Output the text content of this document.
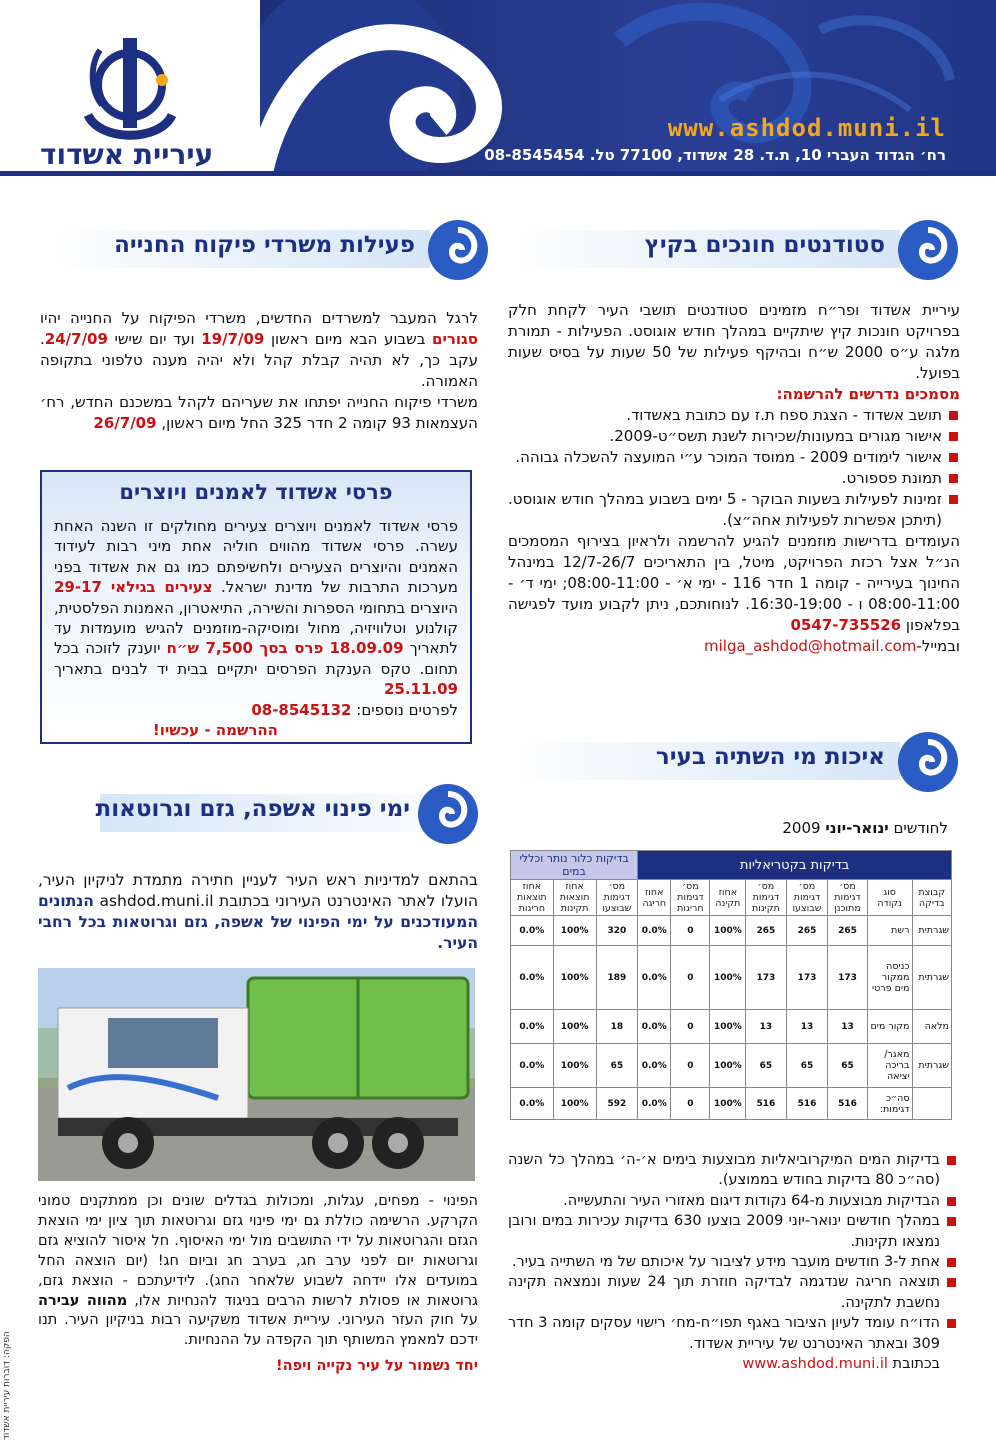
www.ashdod.muni.il
רח׳ הגדוד העברי 10, ת.ד. 28 אשדוד, 77100 טל. 08-8545454
עיריית אשדוד
סטודנטים חונכים בקיץ

עיריית אשדוד ופר״ח מזמינים סטודנטים תושבי העיר לקחת חלק בפרויקט חונכות קיץ שיתקיים במהלך חודש אוגוסט. הפעילות - תמורת מלגה ע״ס 2000 ש״ח ובהיקף פעילות של 50 שעות על בסיס שעות בפועל.

מסמכים נדרשים להרשמה:

תושב אשדוד - הצגת ספח ת.ז עם כתובת באשדוד.
אישור מגורים במעונות/שכירות לשנת תשס״ט-2009.
אישור לימודים 2009 - ממוסד המוכר ע״י המועצה להשכלה גבוהה.
תמונת פספורט.
זמינות לפעילות בשעות הבוקר - 5 ימים בשבוע במהלך חודש אוגוסט. (תיתכן אפשרות לפעילות אחה״צ).

העומדים בדרישות מוזמנים להגיע להרשמה ולראיון בצירוף המסמכים הנ״ל אצל רכזת הפרויקט, מיטל, בין התאריכים 12/7-26/7 במינהל החינוך בעירייה - קומה 1 חדר 116 - ימי א׳ - 08:00-11:00; ימי ד׳ - 08:00-11:00 ו - 16:30-19:00. לנוחותכם, ניתן לקבוע מועד לפגישה בפלאפון 0547-735526

ובמייל-milga_ashdod@hotmail.com

פעילות משרדי פיקוח החנייה

לרגל המעבר למשרדים החדשים, משרדי הפיקוח על החנייה יהיו סגורים בשבוע הבא מיום ראשון 19/7/09 ועד יום שישי 24/7/09. עקב כך, לא תהיה קבלת קהל ולא יהיה מענה טלפוני בתקופה האמורה.

משרדי פיקוח החנייה יפתחו את שעריהם לקהל במשכנם החדש, רח׳ העצמאות 93 קומה 2 חדר 325 החל מיום ראשון, 26/7/09

פרסי אשדוד לאמנים ויוצרים
פרסי אשדוד לאמנים ויוצרים צעירים מחולקים זו השנה האחת עשרה. פרסי אשדוד מהווים חוליה אחת מיני רבות לעידוד האמנים והיוצרים הצעירים ולחשיפתם כמו גם את אשדוד בפני מערכות התרבות של מדינת ישראל. צעירים בגילאי 29-17 היוצרים בתחומי הספרות והשירה, התיאטרון, האמנות הפלסטית, קולנוע וטלוויזיה, מחול ומוסיקה-מוזמנים להגיש מועמדות עד לתאריך 18.09.09 פרס בסך 7,500 ש״ח יוענק לזוכה בכל תחום. טקס הענקת הפרסים יתקיים בבית יד לבנים בתאריך 25.11.09
לפרטים נוספים: 08-8545132
ההרשמה - עכשיו!
איכות מי השתיה בעיר
לחודשים ינואר-יוני 2009
בדיקות בקטריאליות								בדיקות כלור נותר וכללי במים		
קבוצת בדיקה	סוג נקודה	מס׳ דגימות מתוכנן	מס׳ דגימות שבוצעו	מס׳ דגימות תקינות	אחוז תקינה	מס׳ דגימות חריגות	אחוז חריגה	מס׳ דגימות שבוצעו	אחוז תוצאות תקינות	אחוז תוצאות חריגות
שגרתית	רשת	265	265	265	100%	0	0.0%	320	100%	0.0%
שגרתית	כניסה ממקור מים פרטי	173	173	173	100%	0	0.0%	189	100%	0.0%
מלאה	מקור מים	13	13	13	100%	0	0.0%	18	100%	0.0%
שגרתית	מאגר/ בריכה יציאה	65	65	65	100%	0	0.0%	65	100%	0.0%
	סה״כ דגימות:	516	516	516	100%	0	0.0%	592	100%	0.0%
בדיקות המים המיקרוביאליות מבוצעות בימים א׳-ה׳ במהלך כל השנה (סה״כ 80 בדיקות בחודש בממוצע).
הבדיקות מבוצעות מ-64 נקודות דיגום מאזורי העיר והתעשייה.
במהלך חודשים ינואר-יוני 2009 בוצעו 630 בדיקות עכירות במים ורובן נמצאו תקינות.
אחת ל-3 חודשים מועבר מידע לציבור על איכותם של מי השתייה בעיר.
תוצאה חריגה שנדגמה לבדיקה חוזרת תוך 24 שעות ונמצאה תקינה נחשבת לתקינה.
הדו״ח עומד לעיון הציבור באגף תפו״ח-מח׳ רישוי עסקים קומה 3 חדר 309 ובאתר האינטרנט של עיריית אשדוד.
בכתובת www.ashdod.muni.il
ימי פינוי אשפה, גזם וגרוטאות
בהתאם למדיניות ראש העיר לעניין חתירה מתמדת לניקיון העיר, הועלו לאתר האינטרנט העירוני בכתובת ashdod.muni.il הנתונים המעודכנים על ימי הפינוי של אשפה, גזם וגרוטאות בכל רחבי העיר.
הפינוי - מפחים, עגלות, ומכולות בגדלים שונים וכן ממתקנים טמוני הקרקע. הרשימה כוללת גם ימי פינוי גזם וגרוטאות תוך ציון ימי הוצאת הגזם והגרוטאות על ידי התושבים מול ימי האיסוף. חל איסור להוציא גזם וגרוטאות יום לפני ערב חג, בערב חג וביום חג! (יום הוצאה החל במועדים אלו יידחה לשבוע שלאחר החג). לידיעתכם - הוצאת גזם, גרוטאות או פסולת לרשות הרבים בניגוד להנחיות אלו, מהווה עבירה על חוק העזר העירוני. עיריית אשדוד משקיעה רבות בניקיון העיר. תנו ידכם למאמץ המשותף תוך הקפדה על ההנחיות.
יחד נשמור על עיר נקייה ויפה!
הפקה: דוברות עיריית אשדוד
